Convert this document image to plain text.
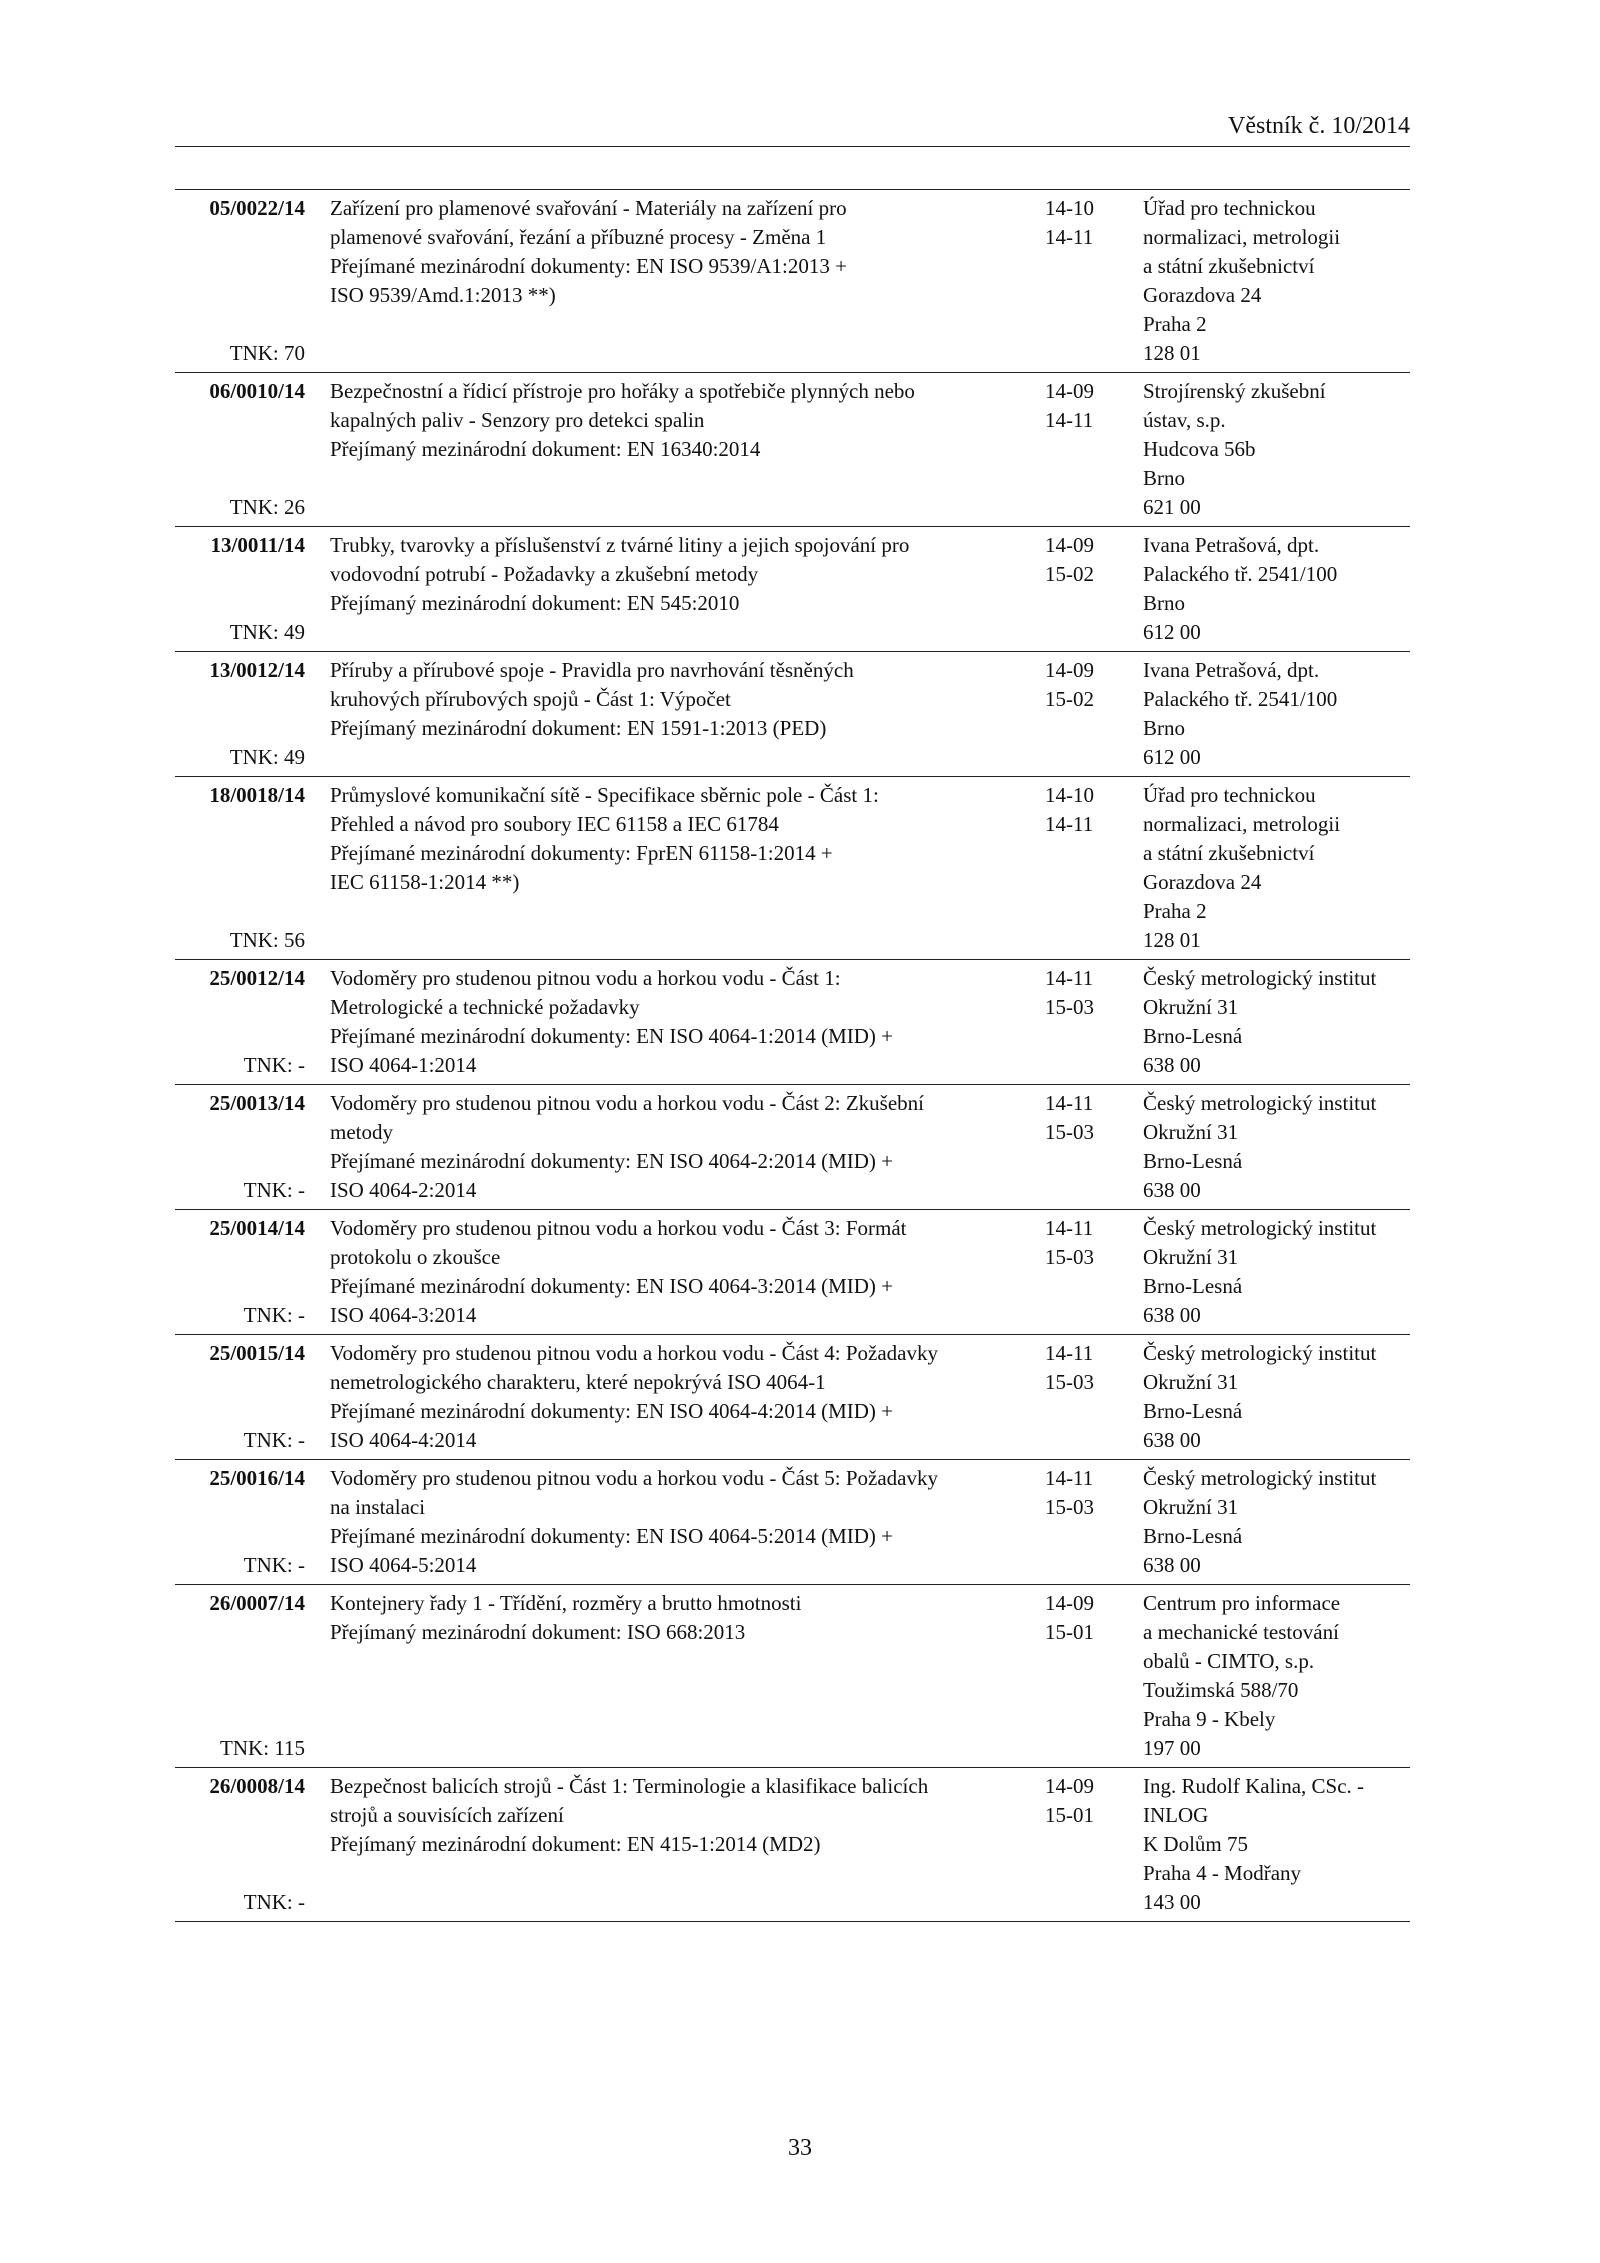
Věstník č. 10/2014
05/0022/14
TNK: 70
Zařízení pro plamenové svařování - Materiály na zařízení pro
plamenové svařování, řezání a příbuzné procesy - Změna 1
Přejímané mezinárodní dokumenty: EN ISO 9539/A1:2013 +
ISO 9539/Amd.1:2013 **)
14-10
14-11
Úřad pro technickou
normalizaci, metrologii
a státní zkušebnictví
Gorazdova 24
Praha 2
128 01
06/0010/14
TNK: 26
Bezpečnostní a řídicí přístroje pro hořáky a spotřebiče plynných nebo
kapalných paliv - Senzory pro detekci spalin
Přejímaný mezinárodní dokument: EN 16340:2014
14-09
14-11
Strojírenský zkušební
ústav, s.p.
Hudcova 56b
Brno
621 00
13/0011/14
TNK: 49
Trubky, tvarovky a příslušenství z tvárné litiny a jejich spojování pro
vodovodní potrubí - Požadavky a zkušební metody
Přejímaný mezinárodní dokument: EN 545:2010
14-09
15-02
Ivana Petrašová, dpt.
Palackého tř. 2541/100
Brno
612 00
13/0012/14
TNK: 49
Příruby a přírubové spoje - Pravidla pro navrhování těsněných
kruhových přírubových spojů - Část 1: Výpočet
Přejímaný mezinárodní dokument: EN 1591-1:2013 (PED)
14-09
15-02
Ivana Petrašová, dpt.
Palackého tř. 2541/100
Brno
612 00
18/0018/14
TNK: 56
Průmyslové komunikační sítě - Specifikace sběrnic pole - Část 1:
Přehled a návod pro soubory IEC 61158 a IEC 61784
Přejímané mezinárodní dokumenty: FprEN 61158-1:2014 +
IEC 61158-1:2014 **)
14-10
14-11
Úřad pro technickou
normalizaci, metrologii
a státní zkušebnictví
Gorazdova 24
Praha 2
128 01
25/0012/14
TNK: -
Vodoměry pro studenou pitnou vodu a horkou vodu - Část 1:
Metrologické a technické požadavky
Přejímané mezinárodní dokumenty: EN ISO 4064-1:2014 (MID) +
ISO 4064-1:2014
14-11
15-03
Český metrologický institut
Okružní 31
Brno-Lesná
638 00
25/0013/14
TNK: -
Vodoměry pro studenou pitnou vodu a horkou vodu - Část 2: Zkušební
metody
Přejímané mezinárodní dokumenty: EN ISO 4064-2:2014 (MID) +
ISO 4064-2:2014
14-11
15-03
Český metrologický institut
Okružní 31
Brno-Lesná
638 00
25/0014/14
TNK: -
Vodoměry pro studenou pitnou vodu a horkou vodu - Část 3: Formát
protokolu o zkoušce
Přejímané mezinárodní dokumenty: EN ISO 4064-3:2014 (MID) +
ISO 4064-3:2014
14-11
15-03
Český metrologický institut
Okružní 31
Brno-Lesná
638 00
25/0015/14
TNK: -
Vodoměry pro studenou pitnou vodu a horkou vodu - Část 4: Požadavky
nemetrologického charakteru, které nepokrývá ISO 4064-1
Přejímané mezinárodní dokumenty: EN ISO 4064-4:2014 (MID) +
ISO 4064-4:2014
14-11
15-03
Český metrologický institut
Okružní 31
Brno-Lesná
638 00
25/0016/14
TNK: -
Vodoměry pro studenou pitnou vodu a horkou vodu - Část 5: Požadavky
na instalaci
Přejímané mezinárodní dokumenty: EN ISO 4064-5:2014 (MID) +
ISO 4064-5:2014
14-11
15-03
Český metrologický institut
Okružní 31
Brno-Lesná
638 00
26/0007/14
TNK: 115
Kontejnery řady 1 - Třídění, rozměry a brutto hmotnosti
Přejímaný mezinárodní dokument: ISO 668:2013
14-09
15-01
Centrum pro informace
a mechanické testování
obalů - CIMTO, s.p.
Toužimská 588/70
Praha 9 - Kbely
197 00
26/0008/14
TNK: -
Bezpečnost balicích strojů - Část 1: Terminologie a klasifikace balicích
strojů a souvisících zařízení
Přejímaný mezinárodní dokument: EN 415-1:2014 (MD2)
14-09
15-01
Ing. Rudolf Kalina, CSc. -
INLOG
K Dolům 75
Praha 4 - Modřany
143 00
33
